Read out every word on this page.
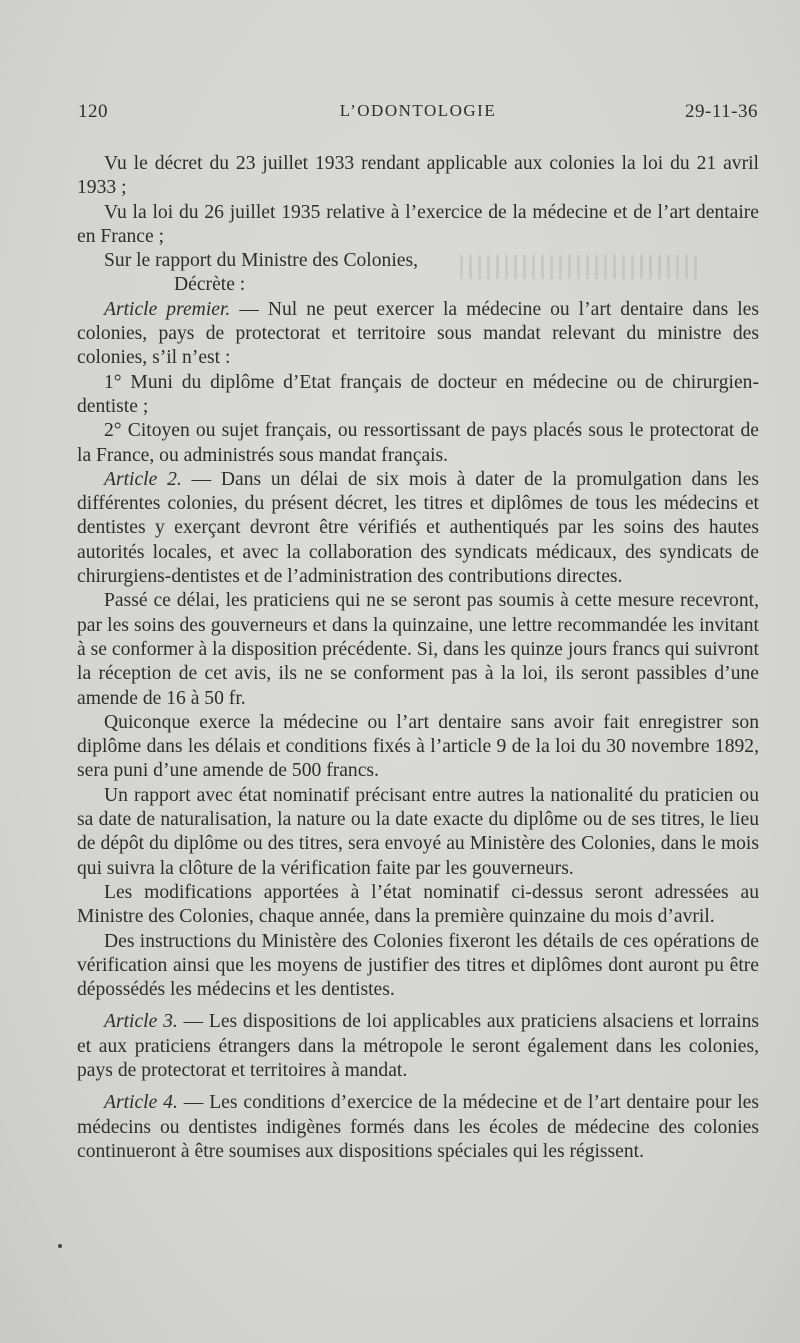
120	L’ODONTOLOGIE	29-11-36

Vu le décret du 23 juillet 1933 rendant applicable aux colonies la loi du 21 avril 1933 ;

Vu la loi du 26 juillet 1935 relative à l’exercice de la médecine et de l’art dentaire en France ;

Sur le rapport du Ministre des Colonies,

Décrète :

Article premier. — Nul ne peut exercer la médecine ou l’art dentaire dans les colonies, pays de protectorat et territoire sous mandat relevant du ministre des colonies, s’il n’est :

1° Muni du diplôme d’Etat français de docteur en médecine ou de chirurgien-dentiste ;

2° Citoyen ou sujet français, ou ressortissant de pays placés sous le protectorat de la France, ou administrés sous mandat français.

Article 2. — Dans un délai de six mois à dater de la promulgation dans les différentes colonies, du présent décret, les titres et diplômes de tous les médecins et dentistes y exerçant devront être vérifiés et authentiqués par les soins des hautes autorités locales, et avec la collaboration des syndicats médicaux, des syndicats de chirurgiens-dentistes et de l’administration des contributions directes.

Passé ce délai, les praticiens qui ne se seront pas soumis à cette mesure recevront, par les soins des gouverneurs et dans la quinzaine, une lettre recommandée les invitant à se conformer à la disposition précédente. Si, dans les quinze jours francs qui suivront la réception de cet avis, ils ne se conforment pas à la loi, ils seront passibles d’une amende de 16 à 50 fr.

Quiconque exerce la médecine ou l’art dentaire sans avoir fait enregistrer son diplôme dans les délais et conditions fixés à l’article 9 de la loi du 30 novembre 1892, sera puni d’une amende de 500 francs.

Un rapport avec état nominatif précisant entre autres la nationalité du praticien ou sa date de naturalisation, la nature ou la date exacte du diplôme ou de ses titres, le lieu de dépôt du diplôme ou des titres, sera envoyé au Ministère des Colonies, dans le mois qui suivra la clôture de la vérification faite par les gouverneurs.

Les modifications apportées à l’état nominatif ci-dessus seront adressées au Ministre des Colonies, chaque année, dans la première quinzaine du mois d’avril.

Des instructions du Ministère des Colonies fixeront les détails de ces opérations de vérification ainsi que les moyens de justifier des titres et diplômes dont auront pu être dépossédés les médecins et les dentistes.

Article 3. — Les dispositions de loi applicables aux praticiens alsaciens et lorrains et aux praticiens étrangers dans la métropole le seront également dans les colonies, pays de protectorat et territoires à mandat.

Article 4. — Les conditions d’exercice de la médecine et de l’art dentaire pour les médecins ou dentistes indigènes formés dans les écoles de médecine des colonies continueront à être soumises aux dispositions spéciales qui les régissent.
